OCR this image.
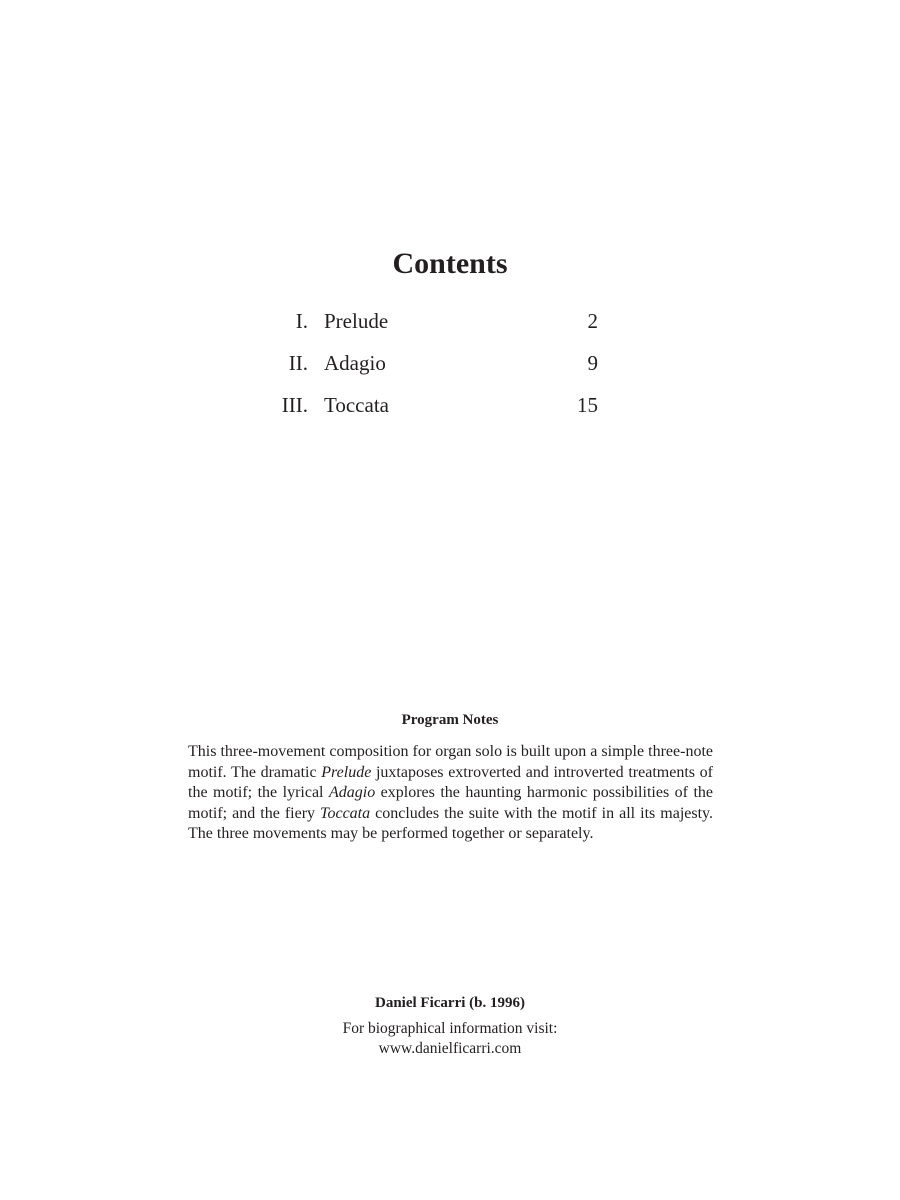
Contents
I. Prelude	2
II. Adagio	9
III. Toccata	15
Program Notes

This three-movement composition for organ solo is built upon a simple three-note motif. The dramatic Prelude juxtaposes extroverted and introverted treatments of the motif; the lyrical Adagio explores the haunting harmonic possibilities of the motif; and the fiery Toccata concludes the suite with the motif in all its majesty. The three movements may be performed together or separately.

Daniel Ficarri (b. 1996)
For biographical information visit:
www.danielficarri.com
